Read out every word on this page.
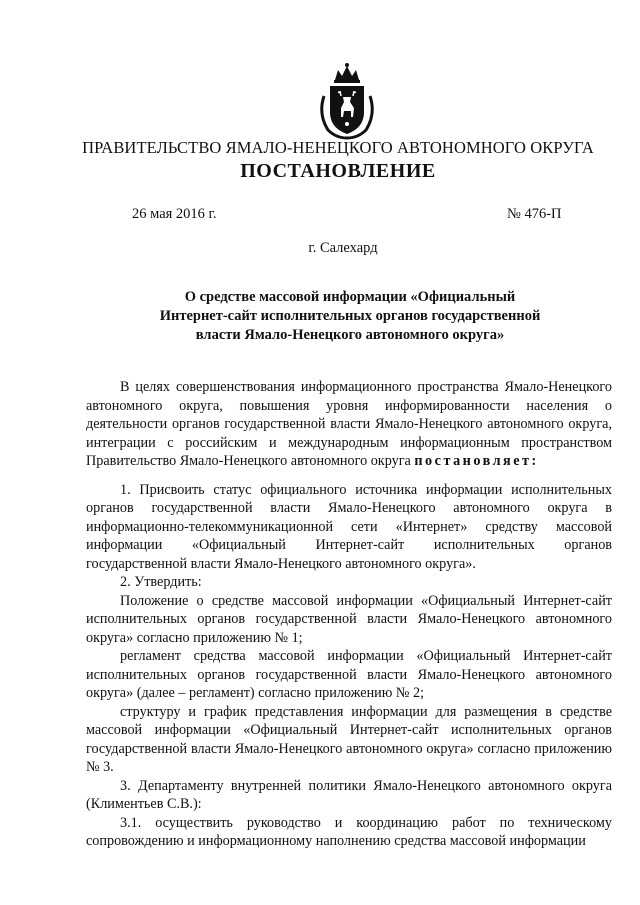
ПРАВИТЕЛЬСТВО ЯМАЛО-НЕНЕЦКОГО АВТОНОМНОГО ОКРУГА
ПОСТАНОВЛЕНИЕ
26 мая 2016 г.	№ 476-П
г. Салехард
О средстве массовой информации «Официальный
Интернет-сайт исполнительных органов государственной
власти Ямало-Ненецкого автономного округа»

В целях совершенствования информационного пространства Ямало-Ненецкого автономного округа, повышения уровня информированности населения о деятельности органов государственной власти Ямало-Ненецкого автономного округа, интеграции с российским и международным информационным пространством Правительство Ямало-Ненецкого автономного округа постановляет:

1. Присвоить статус официального источника информации исполнительных органов государственной власти Ямало-Ненецкого автономного округа в информационно-телекоммуникационной сети «Интернет» средству массовой информации «Официальный Интернет-сайт исполнительных органов государственной власти Ямало-Ненецкого автономного округа».

2. Утвердить:

Положение о средстве массовой информации «Официальный Интернет-сайт исполнительных органов государственной власти Ямало-Ненецкого автономного округа» согласно приложению № 1;

регламент средства массовой информации «Официальный Интернет-сайт исполнительных органов государственной власти Ямало-Ненецкого автономного округа» (далее – регламент) согласно приложению № 2;

структуру и график представления информации для размещения в средстве массовой информации «Официальный Интернет-сайт исполнительных органов государственной власти Ямало-Ненецкого автономного округа» согласно приложению № 3.

3. Департаменту внутренней политики Ямало-Ненецкого автономного округа (Климентьев С.В.):

3.1. осуществить руководство и координацию работ по техническому сопровождению и информационному наполнению средства массовой информации
